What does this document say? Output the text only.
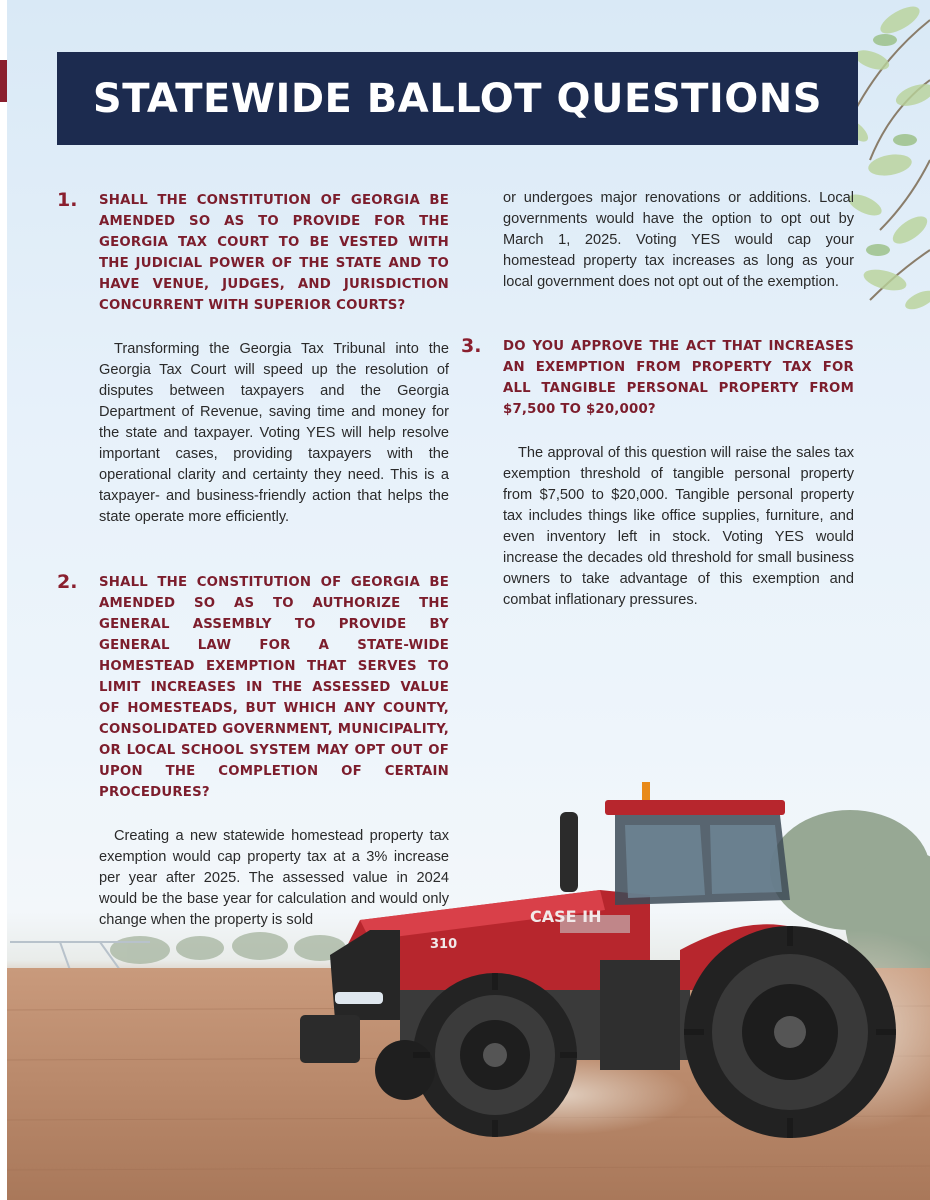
CASE IH
310
STATEWIDE BALLOT QUESTIONS
1.	SHALL THE CONSTITUTION OF GEORGIA BE AMENDED SO AS TO PROVIDE FOR THE GEORGIA TAX COURT TO BE VESTED WITH THE JUDICIAL POWER OF THE STATE AND TO HAVE VENUE, JUDGES, AND JURISDICTION CONCURRENT WITH SUPERIOR COURTS?

Transforming the Georgia Tax Tribunal into the Georgia Tax Court will speed up the resolution of disputes between taxpayers and the Georgia Department of Revenue, saving time and money for the state and taxpayer. Voting YES will help resolve important cases, providing taxpayers with the operational clarity and certainty they need. This is a taxpayer- and business-friendly action that helps the state operate more efficiently.

2.	SHALL THE CONSTITUTION OF GEORGIA BE AMENDED SO AS TO AUTHORIZE THE GENERAL ASSEMBLY TO PROVIDE BY GENERAL LAW FOR A STATE-WIDE HOMESTEAD EXEMPTION THAT SERVES TO LIMIT INCREASES IN THE ASSESSED VALUE OF HOMESTEADS, BUT WHICH ANY COUNTY, CONSOLIDATED GOVERNMENT, MUNICIPALITY, OR LOCAL SCHOOL SYSTEM MAY OPT OUT OF UPON THE COMPLETION OF CERTAIN PROCEDURES?

Creating a new statewide homestead property tax exemption would cap property tax at a 3% increase per year after 2025. The assessed value in 2024 would be the base year for calculation and would only change when the property is sold

or undergoes major renovations or additions. Local governments would have the option to opt out by March 1, 2025. Voting YES would cap your homestead property tax increases as long as your local government does not opt out of the exemption.

3.	DO YOU APPROVE THE ACT THAT INCREASES AN EXEMPTION FROM PROPERTY TAX FOR ALL TANGIBLE PERSONAL PROPERTY FROM $7,500 TO $20,000?

The approval of this question will raise the sales tax exemption threshold of tangible personal property from $7,500 to $20,000. Tangible personal property tax includes things like office supplies, furniture, and even inventory left in stock. Voting YES would increase the decades old threshold for small business owners to take advantage of this exemption and combat inflationary pressures.
